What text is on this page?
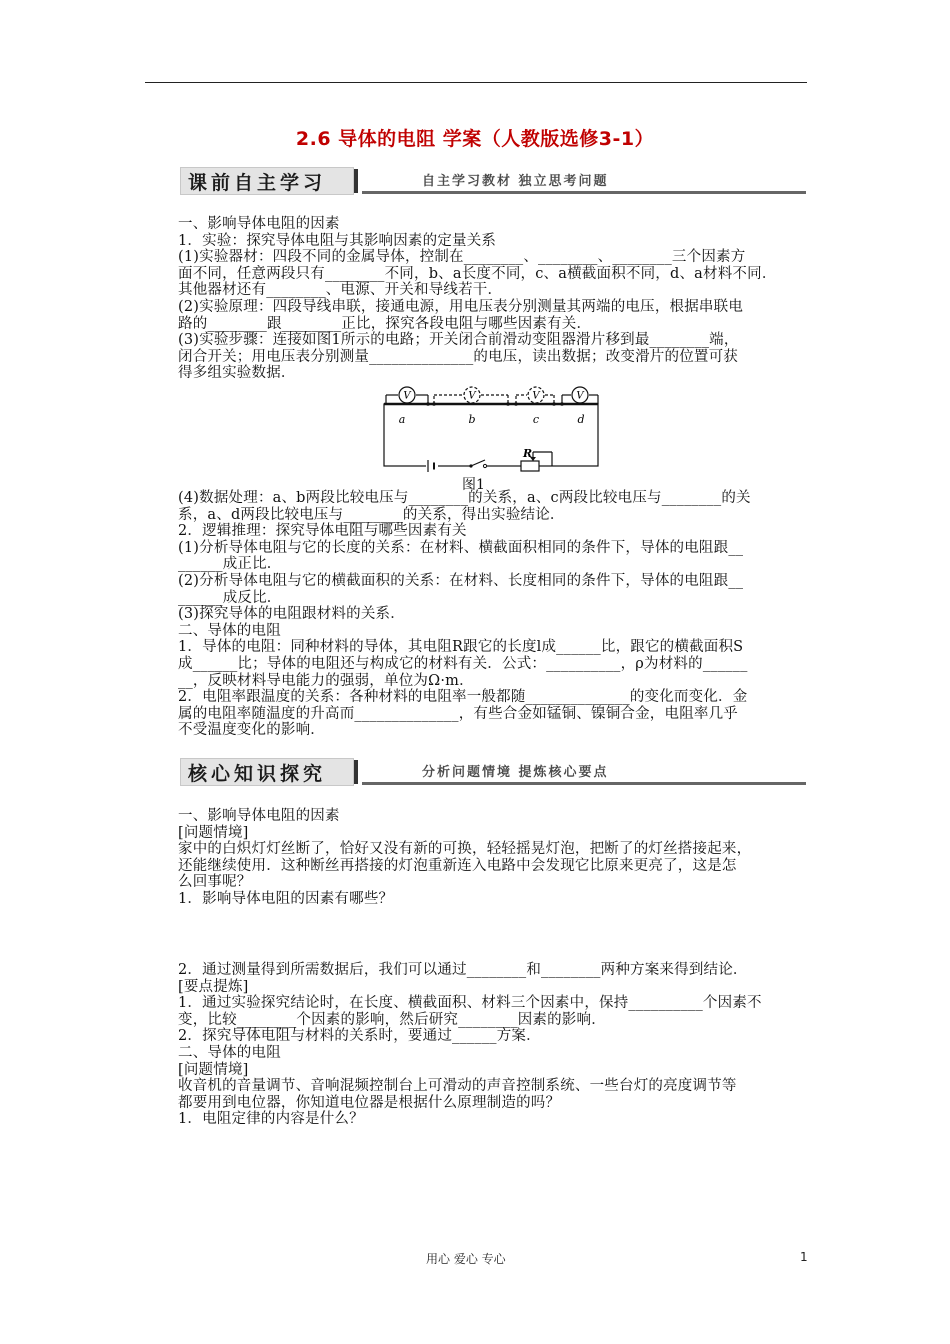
2.6 导体的电阻 学案（人教版选修3-1）
课前自主学习	自主学习教材 独立思考问题
一、影响导体电阻的因素
1．实验：探究导体电阻与其影响因素的定量关系
(1)实验器材：四段不同的金属导体，控制在________、________、________三个因素方
面不同，任意两段只有________不同，b、a长度不同，c、a横截面积不同，d、a材料不同．
其他器材还有________、电源、开关和导线若干．
(2)实验原理：四段导线串联，接通电源，用电压表分别测量其两端的电压，根据串联电
路的________跟________正比，探究各段电阻与哪些因素有关．
(3)实验步骤：连接如图1所示的电路；开关闭合前滑动变阻器滑片移到最________端，
闭合开关；用电压表分别测量______________的电压，读出数据；改变滑片的位置可获
得多组实验数据．
V	V	V	V
a	b	c	d
R
图1
(4)数据处理：a、b两段比较电压与________的关系，a、c两段比较电压与________的关
系，a、d两段比较电压与________的关系，得出实验结论．
2．逻辑推理：探究导体电阻与哪些因素有关
(1)分析导体电阻与它的长度的关系：在材料、横截面积相同的条件下，导体的电阻跟__
______成正比．
(2)分析导体电阻与它的横截面积的关系：在材料、长度相同的条件下，导体的电阻跟__
______成反比．
(3)探究导体的电阻跟材料的关系．
二、导体的电阻
1．导体的电阻：同种材料的导体，其电阻R跟它的长度l成______比，跟它的横截面积S
成______比；导体的电阻还与构成它的材料有关．公式：__________，ρ为材料的______
__，反映材料导电能力的强弱，单位为Ω·m．
2．电阻率跟温度的关系：各种材料的电阻率一般都随______________的变化而变化．金
属的电阻率随温度的升高而______________，有些合金如锰铜、镍铜合金，电阻率几乎
不受温度变化的影响．
核心知识探究	分析问题情境 提炼核心要点
一、影响导体电阻的因素
[问题情境]
家中的白炽灯灯丝断了，恰好又没有新的可换，轻轻摇晃灯泡，把断了的灯丝搭接起来，
还能继续使用．这种断丝再搭接的灯泡重新连入电路中会发现它比原来更亮了，这是怎
么回事呢？
1．影响导体电阻的因素有哪些？
2．通过测量得到所需数据后，我们可以通过________和________两种方案来得到结论．
[要点提炼]
1．通过实验探究结论时，在长度、横截面积、材料三个因素中，保持__________个因素不
变，比较________个因素的影响，然后研究________因素的影响．
2．探究导体电阻与材料的关系时，要通过______方案．
二、导体的电阻
[问题情境]
收音机的音量调节、音响混频控制台上可滑动的声音控制系统、一些台灯的亮度调节等
都要用到电位器，你知道电位器是根据什么原理制造的吗？
1．电阻定律的内容是什么？
用心 爱心 专心	1
